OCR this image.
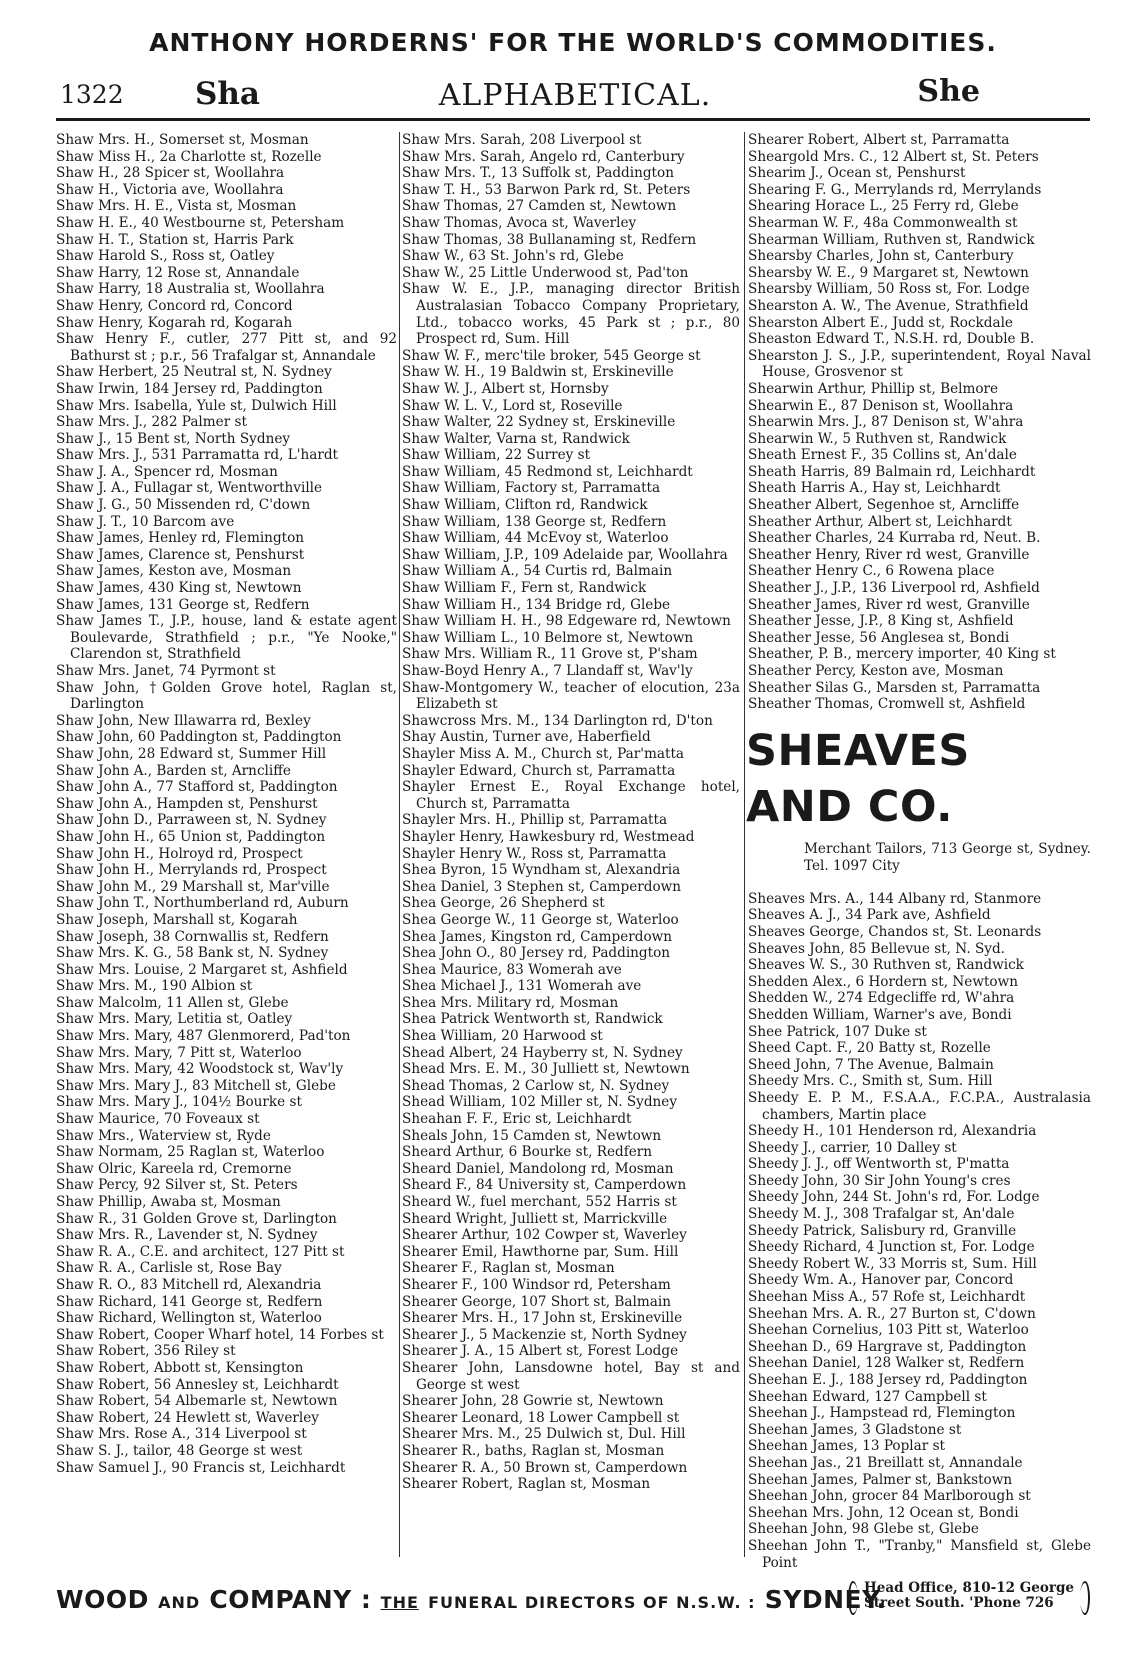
ANTHONY HORDERNS' FOR THE WORLD'S COMMODITIES.
1322	ALPHABETICAL.
Sha	She
Shaw Mrs. H., Somerset st, Mosman
Shaw Miss H., 2a Charlotte st, Rozelle
Shaw H., 28 Spicer st, Woollahra
Shaw H., Victoria ave, Woollahra
Shaw Mrs. H. E., Vista st, Mosman
Shaw H. E., 40 Westbourne st, Petersham
Shaw H. T., Station st, Harris Park
Shaw Harold S., Ross st, Oatley
Shaw Harry, 12 Rose st, Annandale
Shaw Harry, 18 Australia st, Woollahra
Shaw Henry, Concord rd, Concord
Shaw Henry, Kogarah rd, Kogarah
Shaw Henry F., cutler, 277 Pitt st, and 92 Bathurst st ; p.r., 56 Trafalgar st, Annandale
Shaw Herbert, 25 Neutral st, N. Sydney
Shaw Irwin, 184 Jersey rd, Paddington
Shaw Mrs. Isabella, Yule st, Dulwich Hill
Shaw Mrs. J., 282 Palmer st
Shaw J., 15 Bent st, North Sydney
Shaw Mrs. J., 531 Parramatta rd, L'hardt
Shaw J. A., Spencer rd, Mosman
Shaw J. A., Fullagar st, Wentworthville
Shaw J. G., 50 Missenden rd, C'down
Shaw J. T., 10 Barcom ave
Shaw James, Henley rd, Flemington
Shaw James, Clarence st, Penshurst
Shaw James, Keston ave, Mosman
Shaw James, 430 King st, Newtown
Shaw James, 131 George st, Redfern
Shaw James T., J.P., house, land & estate agent Boulevarde, Strathfield ; p.r., "Ye Nooke," Clarendon st, Strathfield
Shaw Mrs. Janet, 74 Pyrmont st
Shaw John, †Golden Grove hotel, Raglan st, Darlington
Shaw John, New Illawarra rd, Bexley
Shaw John, 60 Paddington st, Paddington
Shaw John, 28 Edward st, Summer Hill
Shaw John A., Barden st, Arncliffe
Shaw John A., 77 Stafford st, Paddington
Shaw John A., Hampden st, Penshurst
Shaw John D., Parraween st, N. Sydney
Shaw John H., 65 Union st, Paddington
Shaw John H., Holroyd rd, Prospect
Shaw John H., Merrylands rd, Prospect
Shaw John M., 29 Marshall st, Mar'ville
Shaw John T., Northumberland rd, Auburn
Shaw Joseph, Marshall st, Kogarah
Shaw Joseph, 38 Cornwallis st, Redfern
Shaw Mrs. K. G., 58 Bank st, N. Sydney
Shaw Mrs. Louise, 2 Margaret st, Ashfield
Shaw Mrs. M., 190 Albion st
Shaw Malcolm, 11 Allen st, Glebe
Shaw Mrs. Mary, Letitia st, Oatley
Shaw Mrs. Mary, 487 Glenmorerd, Pad'ton
Shaw Mrs. Mary, 7 Pitt st, Waterloo
Shaw Mrs. Mary, 42 Woodstock st, Wav'ly
Shaw Mrs. Mary J., 83 Mitchell st, Glebe
Shaw Mrs. Mary J., 104½ Bourke st
Shaw Maurice, 70 Foveaux st
Shaw Mrs., Waterview st, Ryde
Shaw Normam, 25 Raglan st, Waterloo
Shaw Olric, Kareela rd, Cremorne
Shaw Percy, 92 Silver st, St. Peters
Shaw Phillip, Awaba st, Mosman
Shaw R., 31 Golden Grove st, Darlington
Shaw Mrs. R., Lavender st, N. Sydney
Shaw R. A., C.E. and architect, 127 Pitt st
Shaw R. A., Carlisle st, Rose Bay
Shaw R. O., 83 Mitchell rd, Alexandria
Shaw Richard, 141 George st, Redfern
Shaw Richard, Wellington st, Waterloo
Shaw Robert, Cooper Wharf hotel, 14 Forbes st
Shaw Robert, 356 Riley st
Shaw Robert, Abbott st, Kensington
Shaw Robert, 56 Annesley st, Leichhardt
Shaw Robert, 54 Albemarle st, Newtown
Shaw Robert, 24 Hewlett st, Waverley
Shaw Mrs. Rose A., 314 Liverpool st
Shaw S. J., tailor, 48 George st west
Shaw Samuel J., 90 Francis st, Leichhardt
Shaw Mrs. Sarah, 208 Liverpool st
Shaw Mrs. Sarah, Angelo rd, Canterbury
Shaw Mrs. T., 13 Suffolk st, Paddington
Shaw T. H., 53 Barwon Park rd, St. Peters
Shaw Thomas, 27 Camden st, Newtown
Shaw Thomas, Avoca st, Waverley
Shaw Thomas, 38 Bullanaming st, Redfern
Shaw W., 63 St. John's rd, Glebe
Shaw W., 25 Little Underwood st, Pad'ton
Shaw W. E., J.P., managing director British Australasian Tobacco Company Proprietary, Ltd., tobacco works, 45 Park st ; p.r., 80 Prospect rd, Sum. Hill
Shaw W. F., merc'tile broker, 545 George st
Shaw W. H., 19 Baldwin st, Erskineville
Shaw W. J., Albert st, Hornsby
Shaw W. L. V., Lord st, Roseville
Shaw Walter, 22 Sydney st, Erskineville
Shaw Walter, Varna st, Randwick
Shaw William, 22 Surrey st
Shaw William, 45 Redmond st, Leichhardt
Shaw William, Factory st, Parramatta
Shaw William, Clifton rd, Randwick
Shaw William, 138 George st, Redfern
Shaw William, 44 McEvoy st, Waterloo
Shaw William, J.P., 109 Adelaide par, Woollahra
Shaw William A., 54 Curtis rd, Balmain
Shaw William F., Fern st, Randwick
Shaw William H., 134 Bridge rd, Glebe
Shaw William H. H., 98 Edgeware rd, Newtown
Shaw William L., 10 Belmore st, Newtown
Shaw Mrs. William R., 11 Grove st, P'sham
Shaw-Boyd Henry A., 7 Llandaff st, Wav'ly
Shaw-Montgomery W., teacher of elocution, 23a Elizabeth st
Shawcross Mrs. M., 134 Darlington rd, D'ton
Shay Austin, Turner ave, Haberfield
Shayler Miss A. M., Church st, Par'matta
Shayler Edward, Church st, Parramatta
Shayler Ernest E., Royal Exchange hotel, Church st, Parramatta
Shayler Mrs. H., Phillip st, Parramatta
Shayler Henry, Hawkesbury rd, Westmead
Shayler Henry W., Ross st, Parramatta
Shea Byron, 15 Wyndham st, Alexandria
Shea Daniel, 3 Stephen st, Camperdown
Shea George, 26 Shepherd st
Shea George W., 11 George st, Waterloo
Shea James, Kingston rd, Camperdown
Shea John O., 80 Jersey rd, Paddington
Shea Maurice, 83 Womerah ave
Shea Michael J., 131 Womerah ave
Shea Mrs. Military rd, Mosman
Shea Patrick Wentworth st, Randwick
Shea William, 20 Harwood st
Shead Albert, 24 Hayberry st, N. Sydney
Shead Mrs. E. M., 30 Julliett st, Newtown
Shead Thomas, 2 Carlow st, N. Sydney
Shead William, 102 Miller st, N. Sydney
Sheahan F. F., Eric st, Leichhardt
Sheals John, 15 Camden st, Newtown
Sheard Arthur, 6 Bourke st, Redfern
Sheard Daniel, Mandolong rd, Mosman
Sheard F., 84 University st, Camperdown
Sheard W., fuel merchant, 552 Harris st
Sheard Wright, Julliett st, Marrickville
Shearer Arthur, 102 Cowper st, Waverley
Shearer Emil, Hawthorne par, Sum. Hill
Shearer F., Raglan st, Mosman
Shearer F., 100 Windsor rd, Petersham
Shearer George, 107 Short st, Balmain
Shearer Mrs. H., 17 John st, Erskineville
Shearer J., 5 Mackenzie st, North Sydney
Shearer J. A., 15 Albert st, Forest Lodge
Shearer John, Lansdowne hotel, Bay st and George st west
Shearer John, 28 Gowrie st, Newtown
Shearer Leonard, 18 Lower Campbell st
Shearer Mrs. M., 25 Dulwich st, Dul. Hill
Shearer R., baths, Raglan st, Mosman
Shearer R. A., 50 Brown st, Camperdown
Shearer Robert, Raglan st, Mosman
Shearer Robert, Albert st, Parramatta
Sheargold Mrs. C., 12 Albert st, St. Peters
Shearim J., Ocean st, Penshurst
Shearing F. G., Merrylands rd, Merrylands
Shearing Horace L., 25 Ferry rd, Glebe
Shearman W. F., 48a Commonwealth st
Shearman William, Ruthven st, Randwick
Shearsby Charles, John st, Canterbury
Shearsby W. E., 9 Margaret st, Newtown
Shearsby William, 50 Ross st, For. Lodge
Shearston A. W., The Avenue, Strathfield
Shearston Albert E., Judd st, Rockdale
Sheaston Edward T., N.S.H. rd, Double B.
Shearston J. S., J.P., superintendent, Royal Naval House, Grosvenor st
Shearwin Arthur, Phillip st, Belmore
Shearwin E., 87 Denison st, Woollahra
Shearwin Mrs. J., 87 Denison st, W'ahra
Shearwin W., 5 Ruthven st, Randwick
Sheath Ernest F., 35 Collins st, An'dale
Sheath Harris, 89 Balmain rd, Leichhardt
Sheath Harris A., Hay st, Leichhardt
Sheather Albert, Segenhoe st, Arncliffe
Sheather Arthur, Albert st, Leichhardt
Sheather Charles, 24 Kurraba rd, Neut. B.
Sheather Henry, River rd west, Granville
Sheather Henry C., 6 Rowena place
Sheather J., J.P., 136 Liverpool rd, Ashfield
Sheather James, River rd west, Granville
Sheather Jesse, J.P., 8 King st, Ashfield
Sheather Jesse, 56 Anglesea st, Bondi
Sheather, P. B., mercery importer, 40 King st
Sheather Percy, Keston ave, Mosman
Sheather Silas G., Marsden st, Parramatta
Sheather Thomas, Cromwell st, Ashfield
SHEAVES AND CO.
Merchant Tailors, 713 George st, Sydney. Tel. 1097 City
Sheaves Mrs. A., 144 Albany rd, Stanmore
Sheaves A. J., 34 Park ave, Ashfield
Sheaves George, Chandos st, St. Leonards
Sheaves John, 85 Bellevue st, N. Syd.
Sheaves W. S., 30 Ruthven st, Randwick
Shedden Alex., 6 Hordern st, Newtown
Shedden W., 274 Edgecliffe rd, W'ahra
Shedden William, Warner's ave, Bondi
Shee Patrick, 107 Duke st
Sheed Capt. F., 20 Batty st, Rozelle
Sheed John, 7 The Avenue, Balmain
Sheedy Mrs. C., Smith st, Sum. Hill
Sheedy E. P. M., F.S.A.A., F.C.P.A., Australasia chambers, Martin place
Sheedy H., 101 Henderson rd, Alexandria
Sheedy J., carrier, 10 Dalley st
Sheedy J. J., off Wentworth st, P'matta
Sheedy John, 30 Sir John Young's cres
Sheedy John, 244 St. John's rd, For. Lodge
Sheedy M. J., 308 Trafalgar st, An'dale
Sheedy Patrick, Salisbury rd, Granville
Sheedy Richard, 4 Junction st, For. Lodge
Sheedy Robert W., 33 Morris st, Sum. Hill
Sheedy Wm. A., Hanover par, Concord
Sheehan Miss A., 57 Rofe st, Leichhardt
Sheehan Mrs. A. R., 27 Burton st, C'down
Sheehan Cornelius, 103 Pitt st, Waterloo
Sheehan D., 69 Hargrave st, Paddington
Sheehan Daniel, 128 Walker st, Redfern
Sheehan E. J., 188 Jersey rd, Paddington
Sheehan Edward, 127 Campbell st
Sheehan J., Hampstead rd, Flemington
Sheehan James, 3 Gladstone st
Sheehan James, 13 Poplar st
Sheehan Jas., 21 Breillatt st, Annandale
Sheehan James, Palmer st, Bankstown
Sheehan John, grocer 84 Marlborough st
Sheehan Mrs. John, 12 Ocean st, Bondi
Sheehan John, 98 Glebe st, Glebe
Sheehan John T., "Tranby," Mansfield st, Glebe Point
WOOD AND COMPANY : THE FUNERAL DIRECTORS OF N.S.W. : SYDNEY.
Head Office, 810-12 George
Street South. 'Phone 726
